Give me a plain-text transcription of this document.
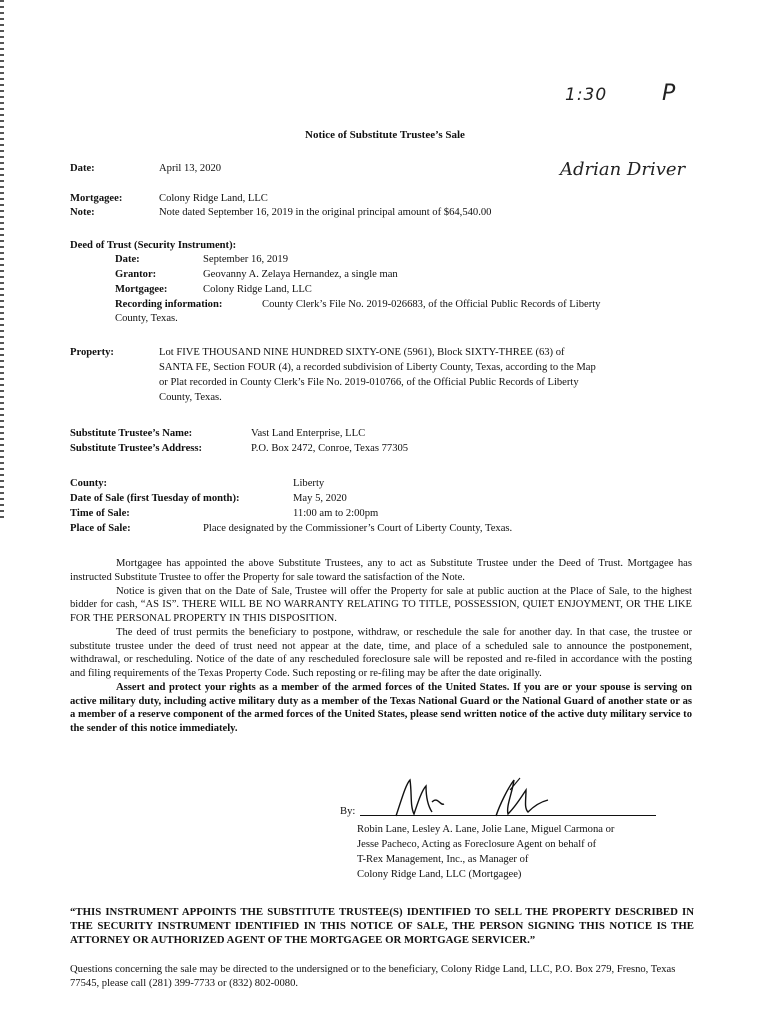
1:30 P
Adrian Driver
Notice of Substitute Trustee’s Sale
Date:	April 13, 2020
Mortgagee:	Colony Ridge Land, LLC
Note:	Note dated September 16, 2019 in the original principal amount of $64,540.00
Deed of Trust (Security Instrument):
Date:	September 16, 2019
Grantor:	Geovanny A. Zelaya Hernandez, a single man
Mortgagee:	Colony Ridge Land, LLC
Recording information:	County Clerk’s File No. 2019-026683, of the Official Public Records of Liberty
County, Texas.
Property:	Lot FIVE THOUSAND NINE HUNDRED SIXTY-ONE (5961), Block SIXTY-THREE (63) of
SANTA FE, Section FOUR (4), a recorded subdivision of Liberty County, Texas, according to the Map
or Plat recorded in County Clerk’s File No. 2019-010766, of the Official Public Records of Liberty
County, Texas.
Substitute Trustee’s Name:	Vast Land Enterprise, LLC
Substitute Trustee’s Address:	P.O. Box 2472, Conroe, Texas 77305
County:	Liberty
Date of Sale (first Tuesday of month):	May 5, 2020
Time of Sale:	11:00 am to 2:00pm
Place of Sale:	Place designated by the Commissioner’s Court of Liberty County, Texas.

Mortgagee has appointed the above Substitute Trustees, any to act as Substitute Trustee under the Deed of Trust. Mortgagee has instructed Substitute Trustee to offer the Property for sale toward the satisfaction of the Note.

Notice is given that on the Date of Sale, Trustee will offer the Property for sale at public auction at the Place of Sale, to the highest bidder for cash, “AS IS”. THERE WILL BE NO WARRANTY RELATING TO TITLE, POSSESSION, QUIET ENJOYMENT, OR THE LIKE FOR THE PERSONAL PROPERTY IN THIS DISPOSITION.

The deed of trust permits the beneficiary to postpone, withdraw, or reschedule the sale for another day. In that case, the trustee or substitute trustee under the deed of trust need not appear at the date, time, and place of a scheduled sale to announce the postponement, withdrawal, or rescheduling. Notice of the date of any rescheduled foreclosure sale will be reposted and re-filed in accordance with the posting and filing requirements of the Texas Property Code. Such reposting or re-filing may be after the date originally.

Assert and protect your rights as a member of the armed forces of the United States. If you are or your spouse is serving on active military duty, including active military duty as a member of the Texas National Guard or the National Guard of another state or as a member of a reserve component of the armed forces of the United States, please send written notice of the active duty military service to the sender of this notice immediately.

By:
Robin Lane, Lesley A. Lane, Jolie Lane, Miguel Carmona or
Jesse Pacheco, Acting as Foreclosure Agent on behalf of
T-Rex Management, Inc., as Manager of
Colony Ridge Land, LLC (Mortgagee)
“THIS INSTRUMENT APPOINTS THE SUBSTITUTE TRUSTEE(S) IDENTIFIED TO SELL THE PROPERTY DESCRIBED IN THE SECURITY INSTRUMENT IDENTIFIED IN THIS NOTICE OF SALE, THE PERSON SIGNING THIS NOTICE IS THE ATTORNEY OR AUTHORIZED AGENT OF THE MORTGAGEE OR MORTGAGE SERVICER.”
Questions concerning the sale may be directed to the undersigned or to the beneficiary, Colony Ridge Land, LLC, P.O. Box 279, Fresno, Texas 77545, please call (281) 399-7733 or (832) 802-0080.
